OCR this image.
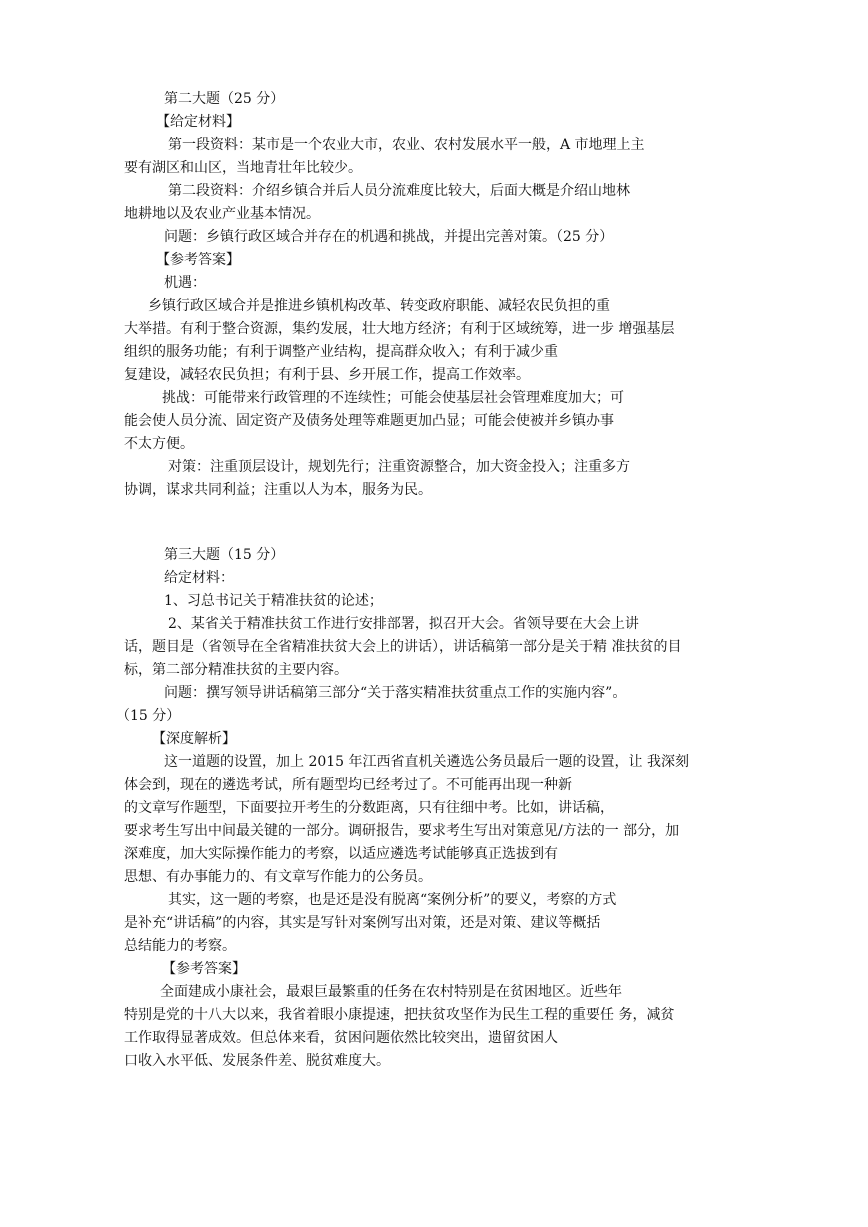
第二大题（25 分）
【给定材料】
第一段资料：某市是一个农业大市，农业、农村发展水平一般，A 市地理上主
要有湖区和山区，当地青壮年比较少。
第二段资料：介绍乡镇合并后人员分流难度比较大，后面大概是介绍山地林
地耕地以及农业产业基本情况。
问题：乡镇行政区域合并存在的机遇和挑战，并提出完善对策。（25 分）
【参考答案】
机遇：
乡镇行政区域合并是推进乡镇机构改革、转变政府职能、减轻农民负担的重
大举措。有利于整合资源，集约发展，壮大地方经济；有利于区域统筹，进一步 增强基层
组织的服务功能；有利于调整产业结构，提高群众收入；有利于减少重
复建设，减轻农民负担；有利于县、乡开展工作，提高工作效率。
挑战：可能带来行政管理的不连续性；可能会使基层社会管理难度加大；可
能会使人员分流、固定资产及债务处理等难题更加凸显；可能会使被并乡镇办事
不太方便。
对策：注重顶层设计，规划先行；注重资源整合，加大资金投入；注重多方
协调，谋求共同利益；注重以人为本，服务为民。
第三大题（15 分）
给定材料：
1、习总书记关于精准扶贫的论述；
2、某省关于精准扶贫工作进行安排部署，拟召开大会。省领导要在大会上讲
话，题目是（省领导在全省精准扶贫大会上的讲话），讲话稿第一部分是关于精 准扶贫的目
标，第二部分精准扶贫的主要内容。
问题：撰写领导讲话稿第三部分“关于落实精准扶贫重点工作的实施内容”。
（15 分）
【深度解析】
这一道题的设置，加上 2015 年江西省直机关遴选公务员最后一题的设置，让 我深刻
体会到，现在的遴选考试，所有题型均已经考过了。不可能再出现一种新
的文章写作题型，下面要拉开考生的分数距离，只有往细中考。比如，讲话稿，
要求考生写出中间最关键的一部分。调研报告，要求考生写出对策意见/方法的一 部分，加
深难度，加大实际操作能力的考察，以适应遴选考试能够真正选拔到有
思想、有办事能力的、有文章写作能力的公务员。
其实，这一题的考察，也是还是没有脱离“案例分析”的要义，考察的方式
是补充“讲话稿”的内容，其实是写针对案例写出对策，还是对策、建议等概括
总结能力的考察。
【参考答案】
全面建成小康社会，最艰巨最繁重的任务在农村特别是在贫困地区。近些年
特别是党的十八大以来，我省着眼小康提速，把扶贫攻坚作为民生工程的重要任 务，减贫
工作取得显著成效。但总体来看，贫困问题依然比较突出，遗留贫困人
口收入水平低、发展条件差、脱贫难度大。
